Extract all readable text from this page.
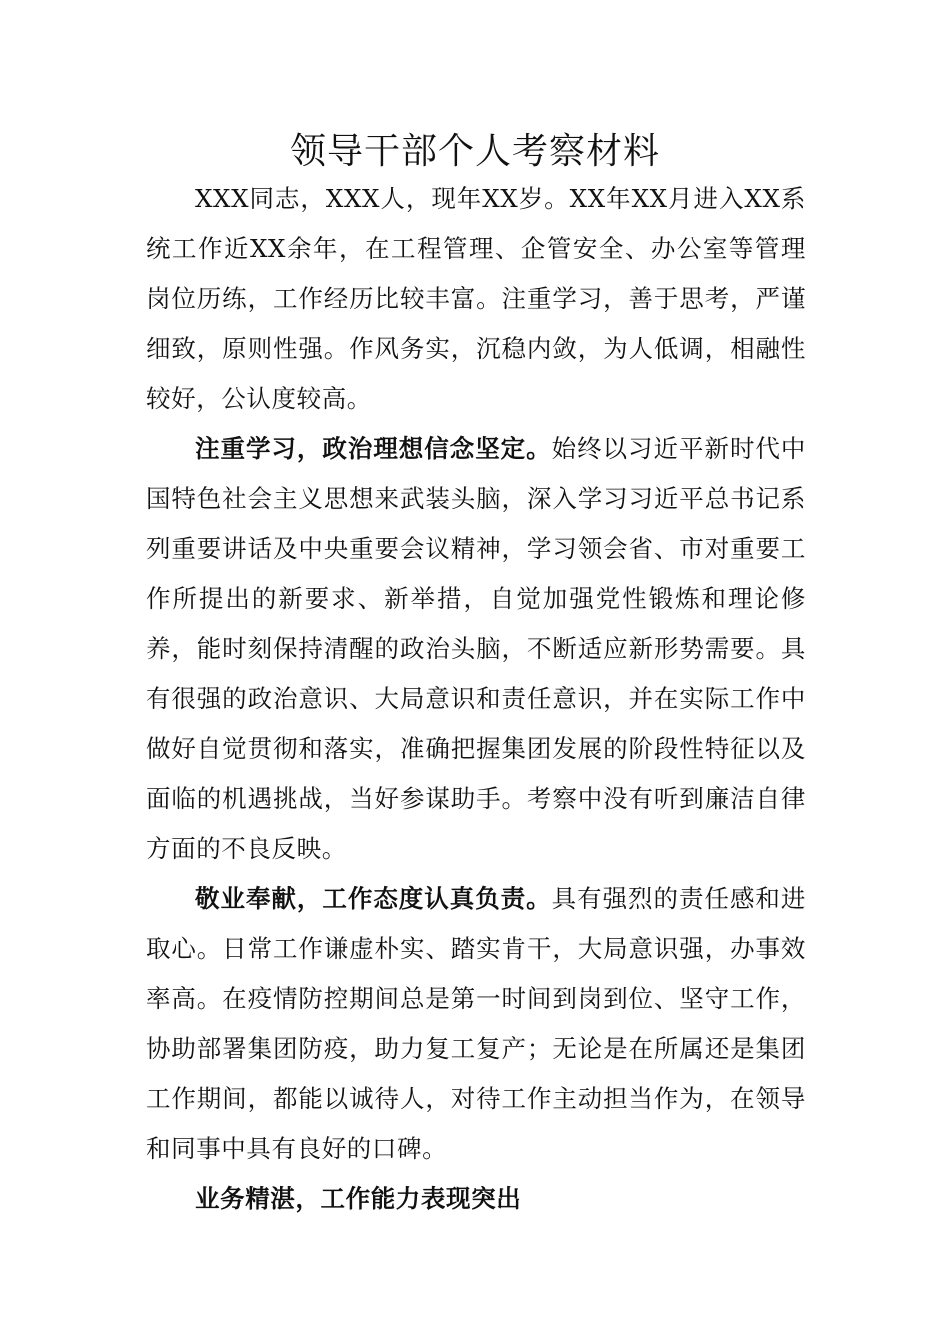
领导干部个人考察材料

XXX同志，XXX人，现年XX岁。XX年XX月进入XX系统工作近XX余年，在工程管理、企管安全、办公室等管理岗位历练，工作经历比较丰富。注重学习，善于思考，严谨细致，原则性强。作风务实，沉稳内敛，为人低调，相融性较好，公认度较高。

注重学习，政治理想信念坚定。始终以习近平新时代中国特色社会主义思想来武装头脑，深入学习习近平总书记系列重要讲话及中央重要会议精神，学习领会省、市对重要工作所提出的新要求、新举措，自觉加强党性锻炼和理论修养，能时刻保持清醒的政治头脑，不断适应新形势需要。具有很强的政治意识、大局意识和责任意识，并在实际工作中做好自觉贯彻和落实，准确把握集团发展的阶段性特征以及面临的机遇挑战，当好参谋助手。考察中没有听到廉洁自律方面的不良反映。

敬业奉献，工作态度认真负责。具有强烈的责任感和进取心。日常工作谦虚朴实、踏实肯干，大局意识强，办事效率高。在疫情防控期间总是第一时间到岗到位、坚守工作，协助部署集团防疫，助力复工复产；无论是在所属还是集团工作期间，都能以诚待人，对待工作主动担当作为，在领导和同事中具有良好的口碑。

业务精湛，工作能力表现突出
